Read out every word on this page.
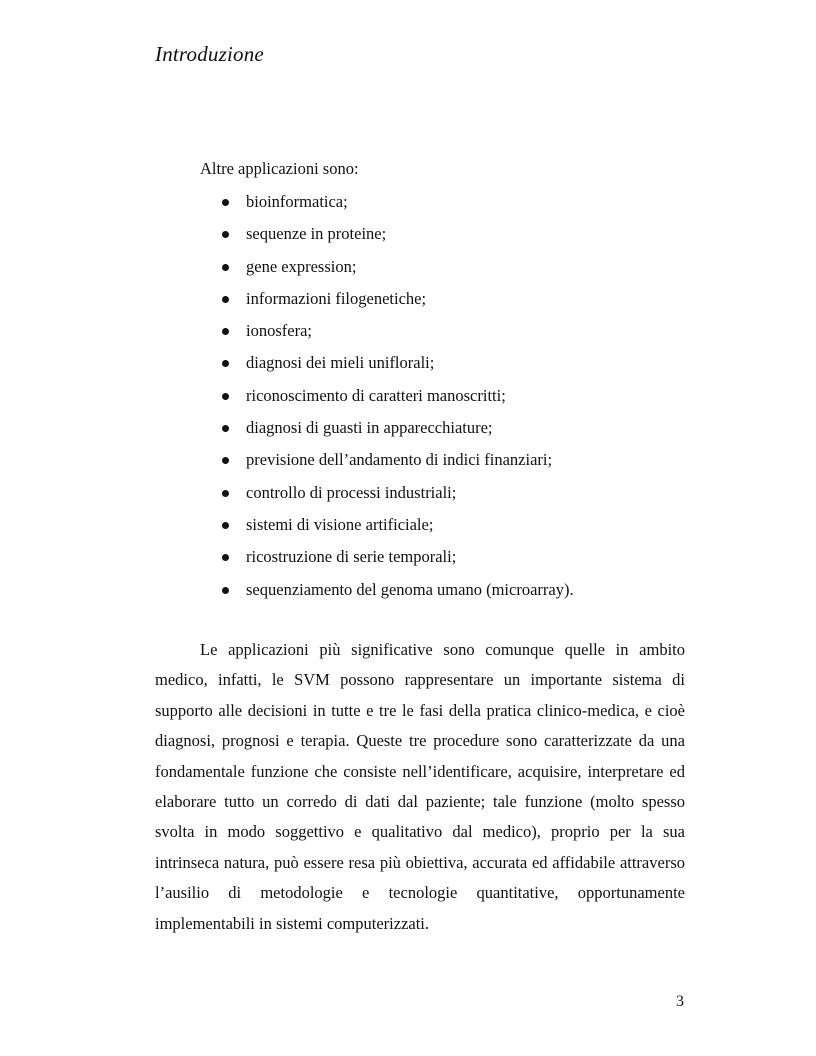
Introduzione
Altre applicazioni sono:
bioinformatica;
sequenze in proteine;
gene expression;
informazioni filogenetiche;
ionosfera;
diagnosi dei mieli uniflorali;
riconoscimento di caratteri manoscritti;
diagnosi di guasti in apparecchiature;
previsione dell’andamento di indici finanziari;
controllo di processi industriali;
sistemi di visione artificiale;
ricostruzione di serie temporali;
sequenziamento del genoma umano (microarray).

Le applicazioni più significative sono comunque quelle in ambito medico, infatti, le SVM possono rappresentare un importante sistema di supporto alle decisioni in tutte e tre le fasi della pratica clinico-medica, e cioè diagnosi, prognosi e terapia. Queste tre procedure sono caratterizzate da una fondamentale funzione che consiste nell’identificare, acquisire, interpretare ed elaborare tutto un corredo di dati dal paziente; tale funzione (molto spesso svolta in modo soggettivo e qualitativo dal medico), proprio per la sua intrinseca natura, può essere resa più obiettiva, accurata ed affidabile attraverso l’ausilio di metodologie e tecnologie quantitative, opportunamente implementabili in sistemi computerizzati.

3
